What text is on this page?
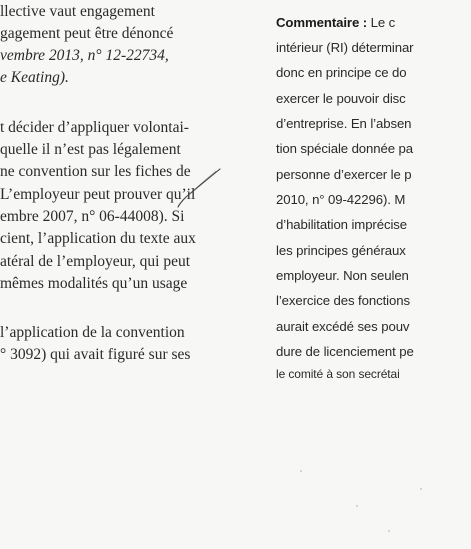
llective vaut engagement
gagement peut être dénoncé
vembre 2013, n° 12-22734,
e Keating).
t décider d’appliquer volontai-
quelle il n’est pas légalement
ne convention sur les fiches de
L’employeur peut prouver qu’il
embre 2007, n° 06-44008). Si
cient, l’application du texte aux
atéral de l’employeur, qui peut
mêmes modalités qu’un usage
l’application de la convention
° 3092) qui avait figuré sur ses
Commentaire : Le c
intérieur (RI) déterminar
donc en principe ce do
exercer le pouvoir disc
d’entreprise. En l’absen
tion spéciale donnée pa
personne d’exercer le p
2010, n° 09-42296). M
d’habilitation imprécise
les principes généraux
employeur. Non seulen
l’exercice des fonctions
aurait excédé ses pouv
dure de licenciement pe
le comité à son secrétai
